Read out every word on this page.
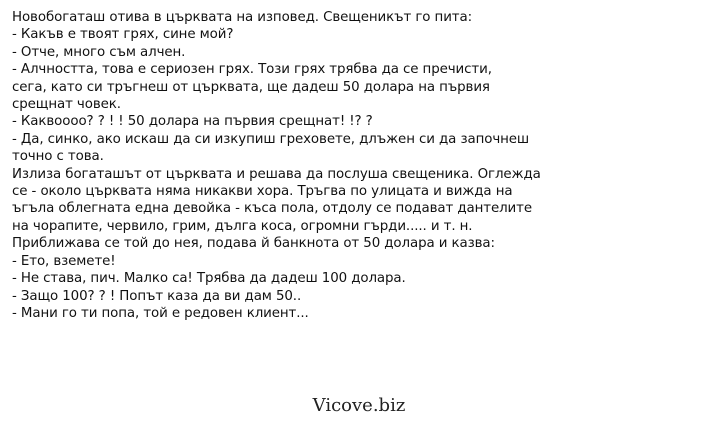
Новобогаташ отива в църквата на изповед. Свещеникът го пита:
- Какъв е твоят грях, сине мой?
- Отче, много съм алчен.
- Алчността, това е сериозен грях. Този грях трябва да се пречисти,
сега, като си тръгнеш от църквата, ще дадеш 50 долара на първия
срещнат човек.
- Каквоооо? ? ! ! 50 долара на първия срещнат! !? ?
- Да, синко, ако искаш да си изкупиш греховете, длъжен си да започнеш
точно с това.
Излиза богаташът от църквата и решава да послуша свещеника. Оглежда
се - около църквата няма никакви хора. Тръгва по улицата и вижда на
ъгъла облегната една девойка - къса пола, отдолу се подават дантелите
на чорапите, червило, грим, дълга коса, огромни гърди..... и т. н.
Приближава се той до нея, подава й банкнота от 50 долара и казва:
- Ето, вземете!
- Не става, пич. Малко са! Трябва да дадеш 100 долара.
- Защо 100? ? ! Попът каза да ви дам 50..
- Мани го ти попа, той е редовен клиент...
Vicove.biz
